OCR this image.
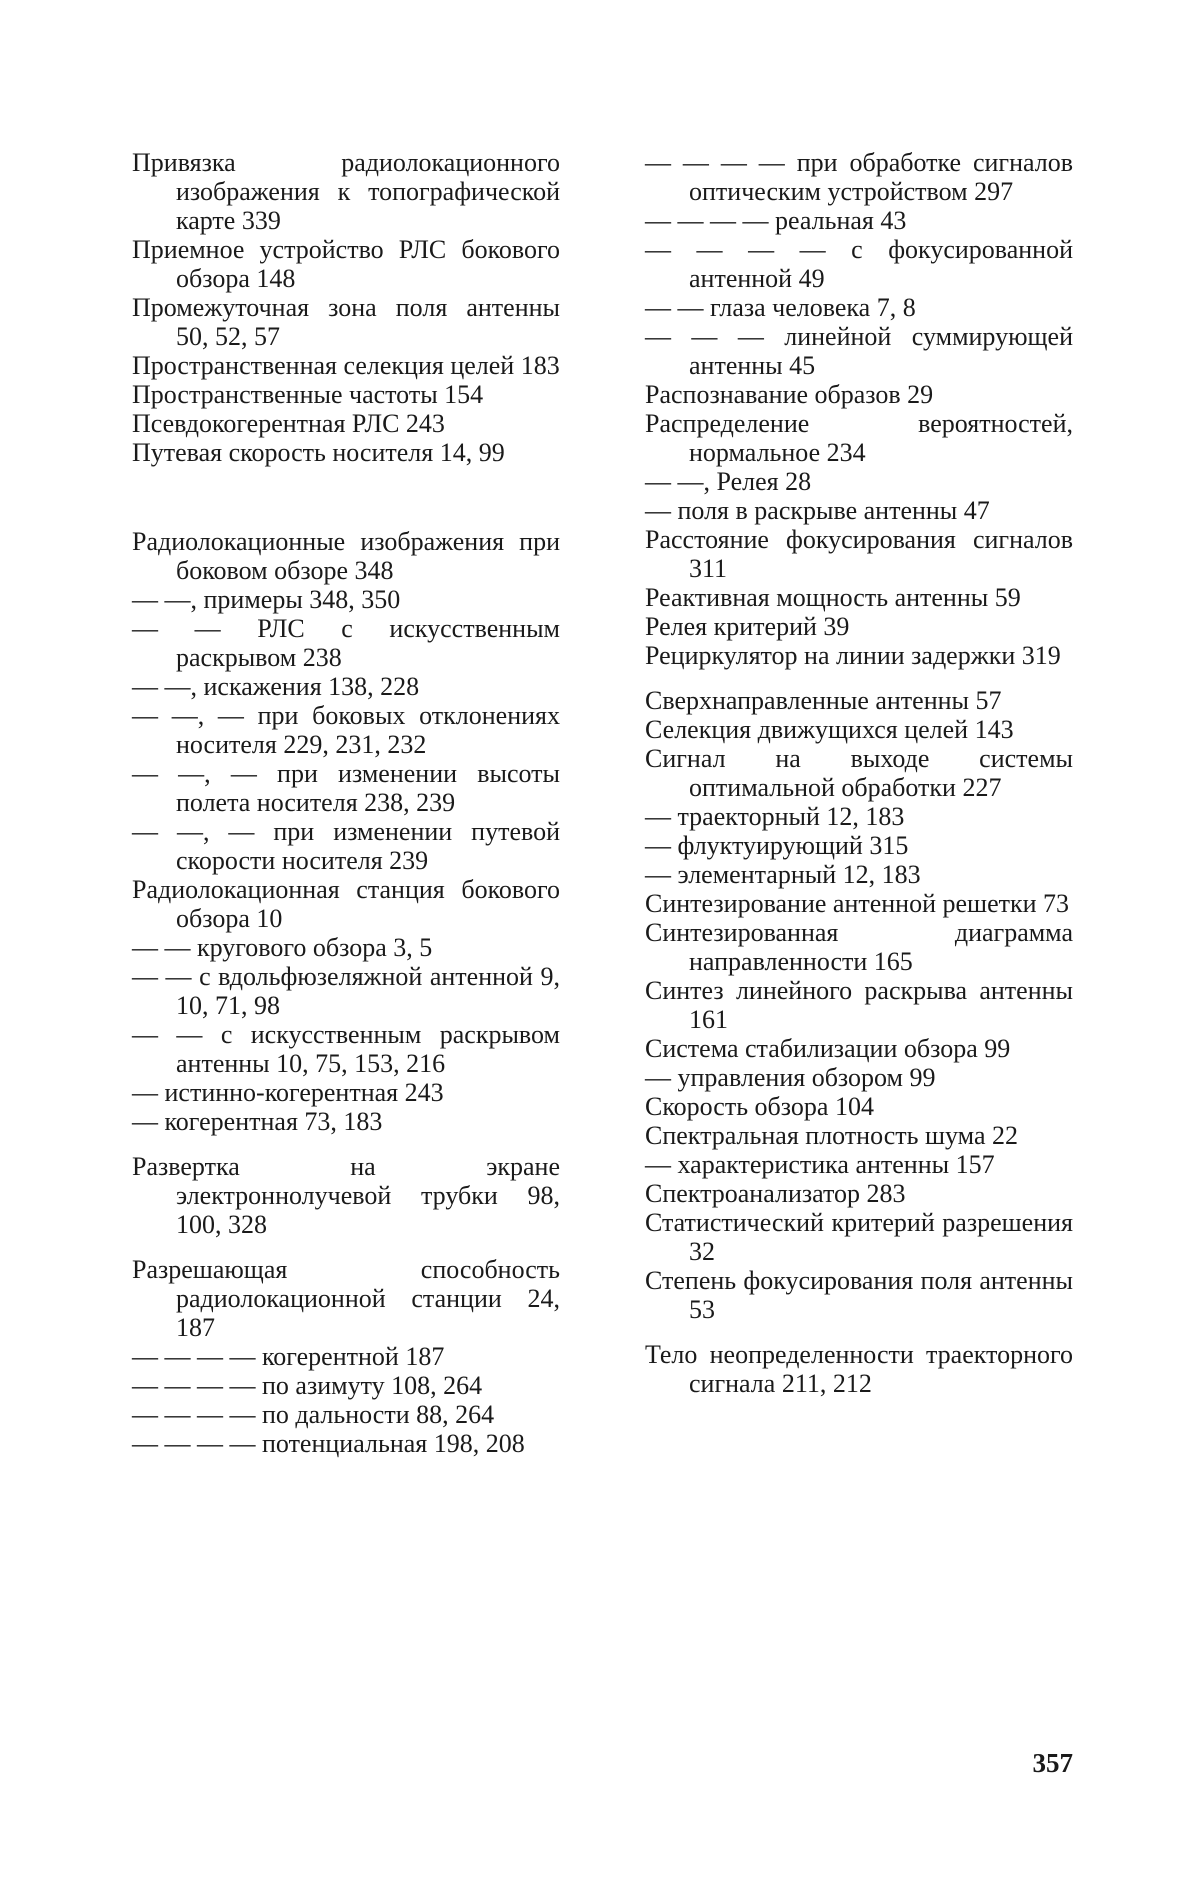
Привязка радиолокационного изображения к топографической карте 339

Приемное устройство РЛС бокового обзора 148

Промежуточная зона поля антенны 50, 52, 57

Пространственная селекция целей 183

Пространственные частоты 154

Псевдокогерентная РЛС 243

Путевая скорость носителя 14, 99

Радиолокационные изображения при боковом обзоре 348

— —, примеры 348, 350

— — РЛС с искусственным раскрывом 238

— —, искажения 138, 228

— —, — при боковых отклонениях носителя 229, 231, 232

— —, — при изменении высоты полета носителя 238, 239

— —, — при изменении путевой скорости носителя 239

Радиолокационная станция бокового обзора 10

— — кругового обзора 3, 5

— — с вдольфюзеляжной антенной 9, 10, 71, 98

— — с искусственным раскрывом антенны 10, 75, 153, 216

— истинно-когерентная 243

— когерентная 73, 183

Развертка на экране электроннолучевой трубки 98, 100, 328

Разрешающая способность радиолокационной станции 24, 187

— — — — когерентной 187

— — — — по азимуту 108, 264

— — — — по дальности 88, 264

— — — — потенциальная 198, 208

— — — — при обработке сигналов оптическим устройством 297

— — — — реальная 43

— — — — с фокусированной антенной 49

— — глаза человека 7, 8

— — — линейной суммирующей антенны 45

Распознавание образов 29

Распределение вероятностей, нормальное 234

— —, Релея 28

— поля в раскрыве антенны 47

Расстояние фокусирования сигналов 311

Реактивная мощность антенны 59

Релея критерий 39

Рециркулятор на линии задержки 319

Сверхнаправленные антенны 57

Селекция движущихся целей 143

Сигнал на выходе системы оптимальной обработки 227

— траекторный 12, 183

— флуктуирующий 315

— элементарный 12, 183

Синтезирование антенной решетки 73

Синтезированная диаграмма направленности 165

Синтез линейного раскрыва антенны 161

Система стабилизации обзора 99

— управления обзором 99

Скорость обзора 104

Спектральная плотность шума 22

— характеристика антенны 157

Спектроанализатор 283

Статистический критерий разрешения 32

Степень фокусирования поля антенны 53

Тело неопределенности траекторного сигнала 211, 212

357
